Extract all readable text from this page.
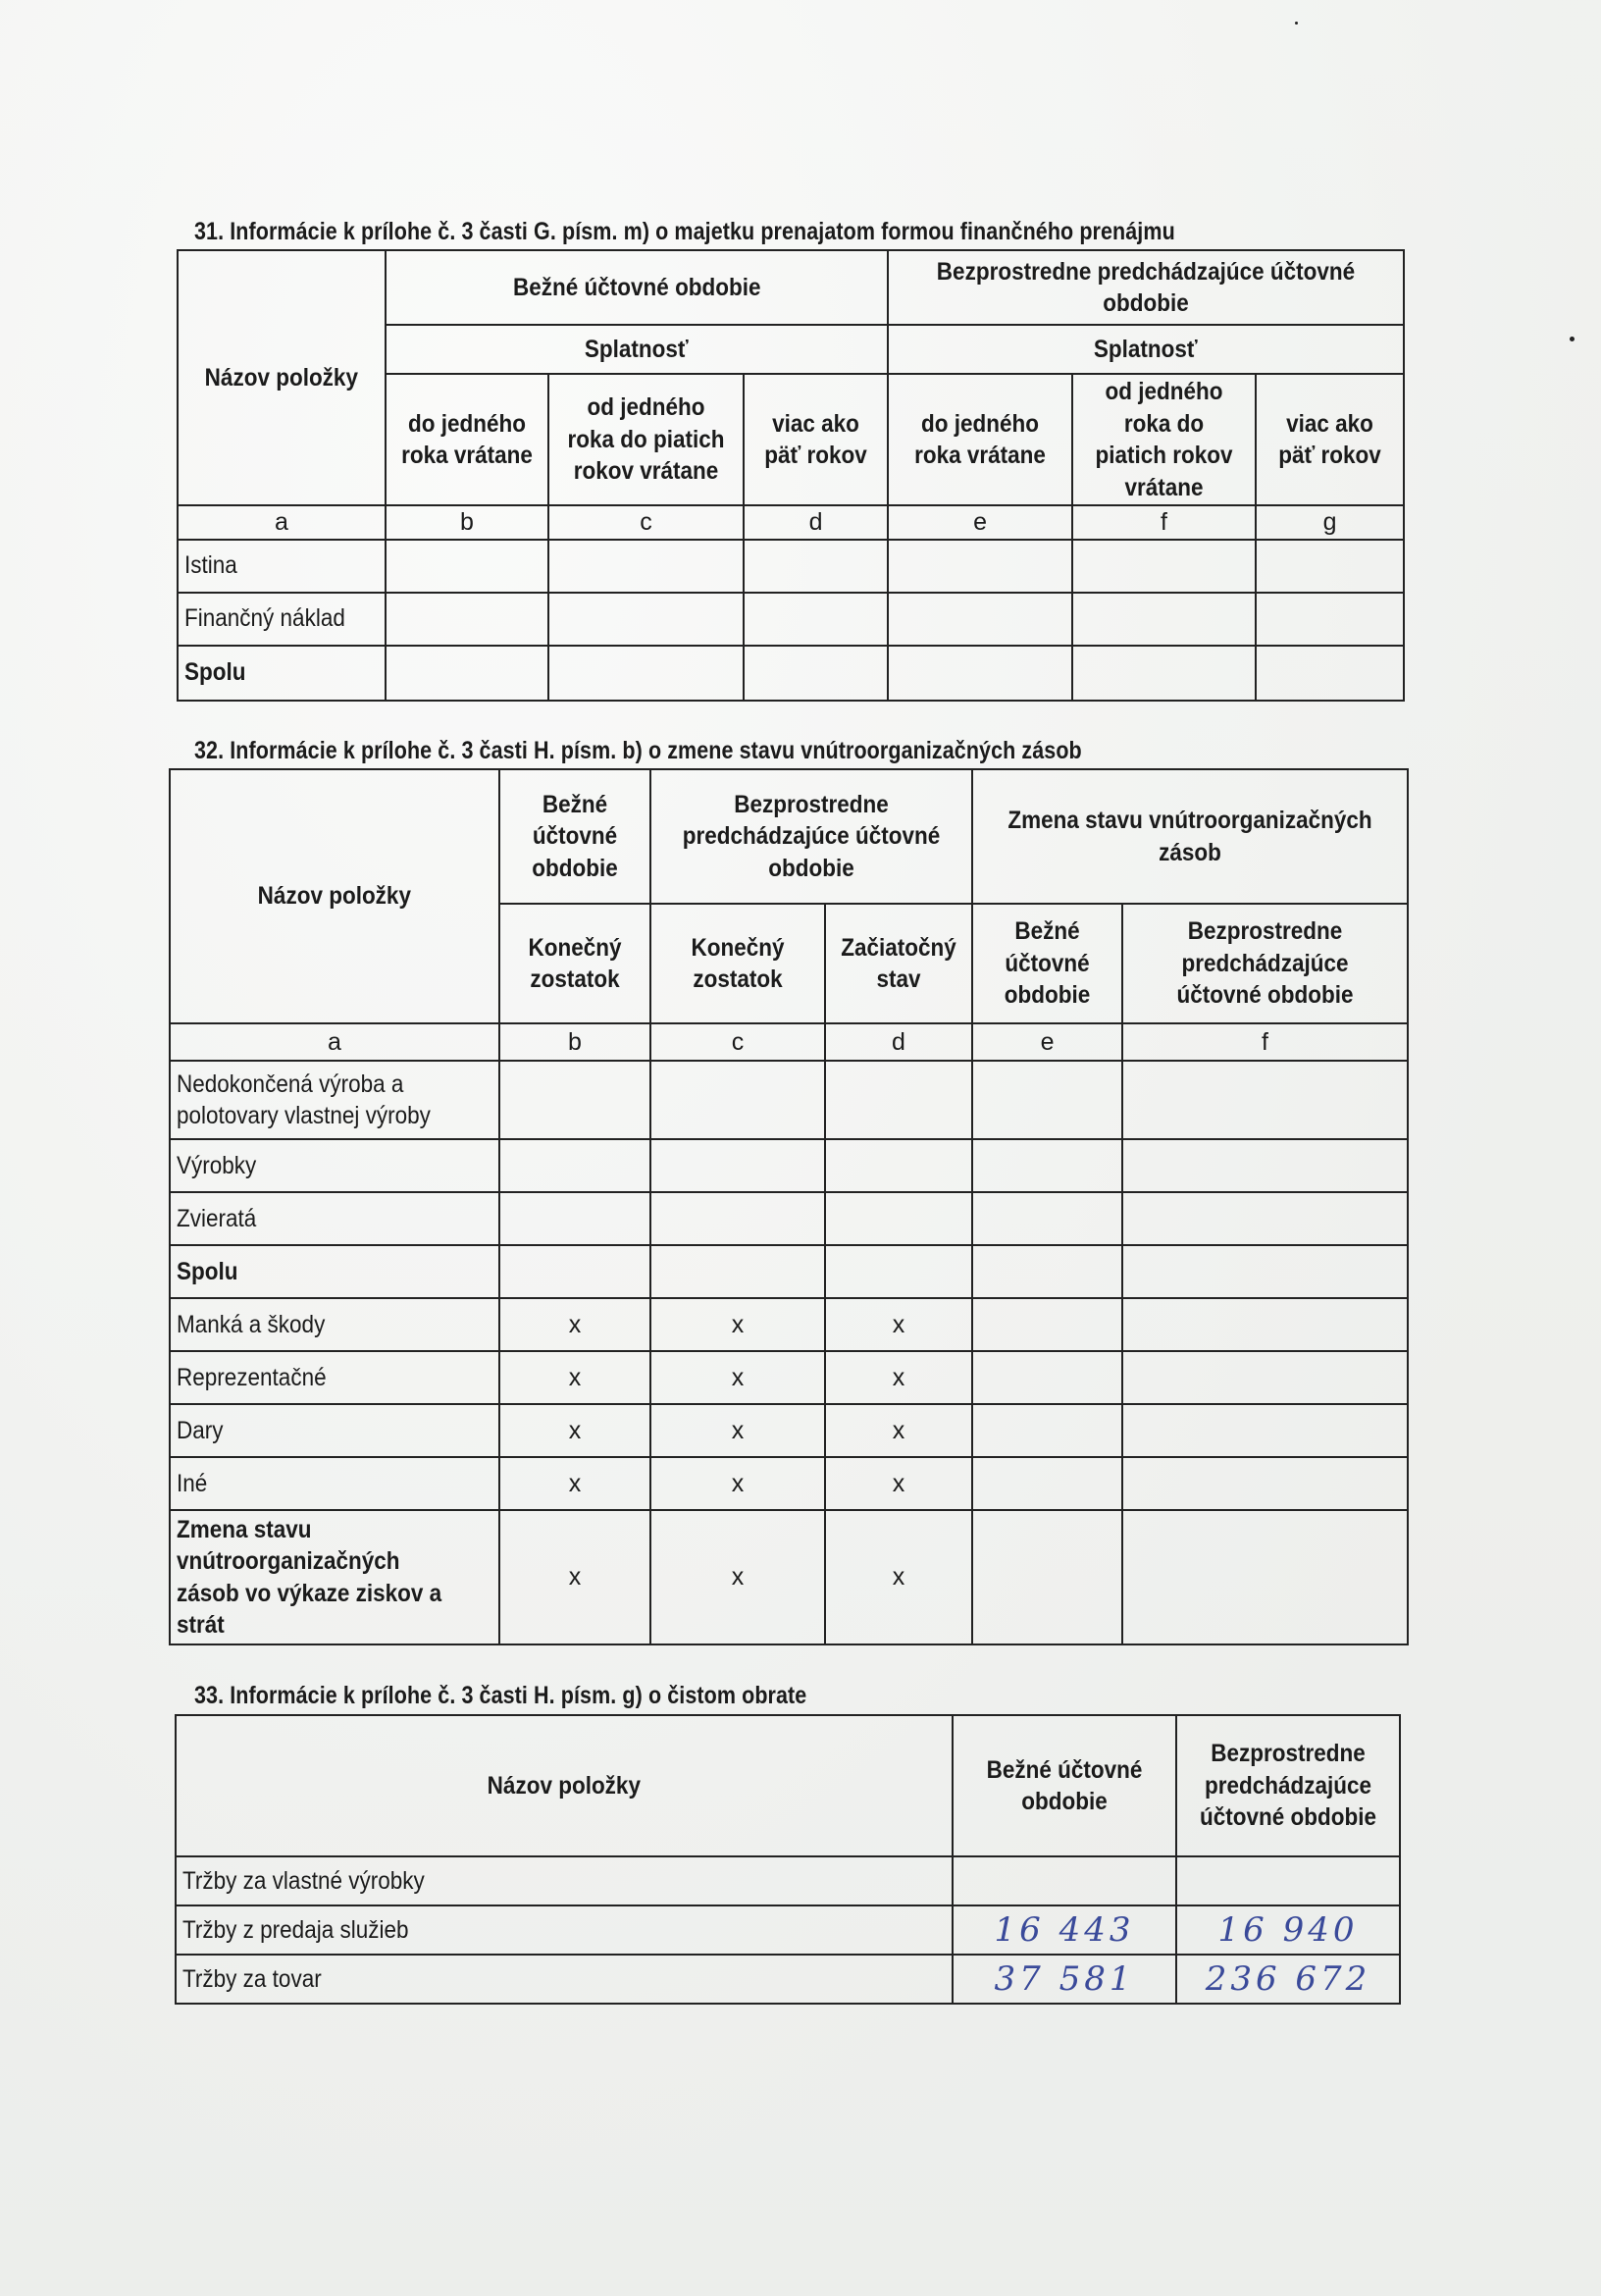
31. Informácie k prílohe č. 3 časti G. písm. m) o majetku prenajatom formou finančného prenájmu
Názov položky	Bežné účtovné obdobie			Bezprostredne predchádzajúce účtovné obdobie		
	Splatnosť			Splatnosť		
	do jedného roka vrátane	od jedného roka do piatich rokov vrátane	viac ako päť rokov	do jedného roka vrátane	od jedného roka do piatich rokov vrátane	viac ako päť rokov
a	b	c	d	e	f	g
Istina						
Finančný náklad						
Spolu						
32. Informácie k prílohe č. 3 časti H. písm. b) o zmene stavu vnútroorganizačných zásob
Názov položky	Bežné účtovné obdobie	Bezprostredne predchádzajúce účtovné obdobie		Zmena stavu vnútroorganizačných zásob	
	Konečný zostatok	Konečný zostatok	Začiatočný stav	Bežné účtovné obdobie	Bezprostredne predchádzajúce účtovné obdobie
a	b	c	d	e	f
Nedokončená výroba a polotovary vlastnej výroby					
Výrobky					
Zvieratá					
Spolu					
Manká a škody	x	x	x		
Reprezentačné	x	x	x		
Dary	x	x	x		
Iné	x	x	x		
Zmena stavu vnútroorganizačných zásob vo výkaze ziskov a strát	x	x	x		
33. Informácie k prílohe č. 3 časti H. písm. g) o čistom obrate
Názov položky	Bežné účtovné obdobie	Bezprostredne predchádzajúce účtovné obdobie
Tržby za vlastné výrobky		
Tržby z predaja služieb	16 443	16 940
Tržby za tovar	37 581	236 672
